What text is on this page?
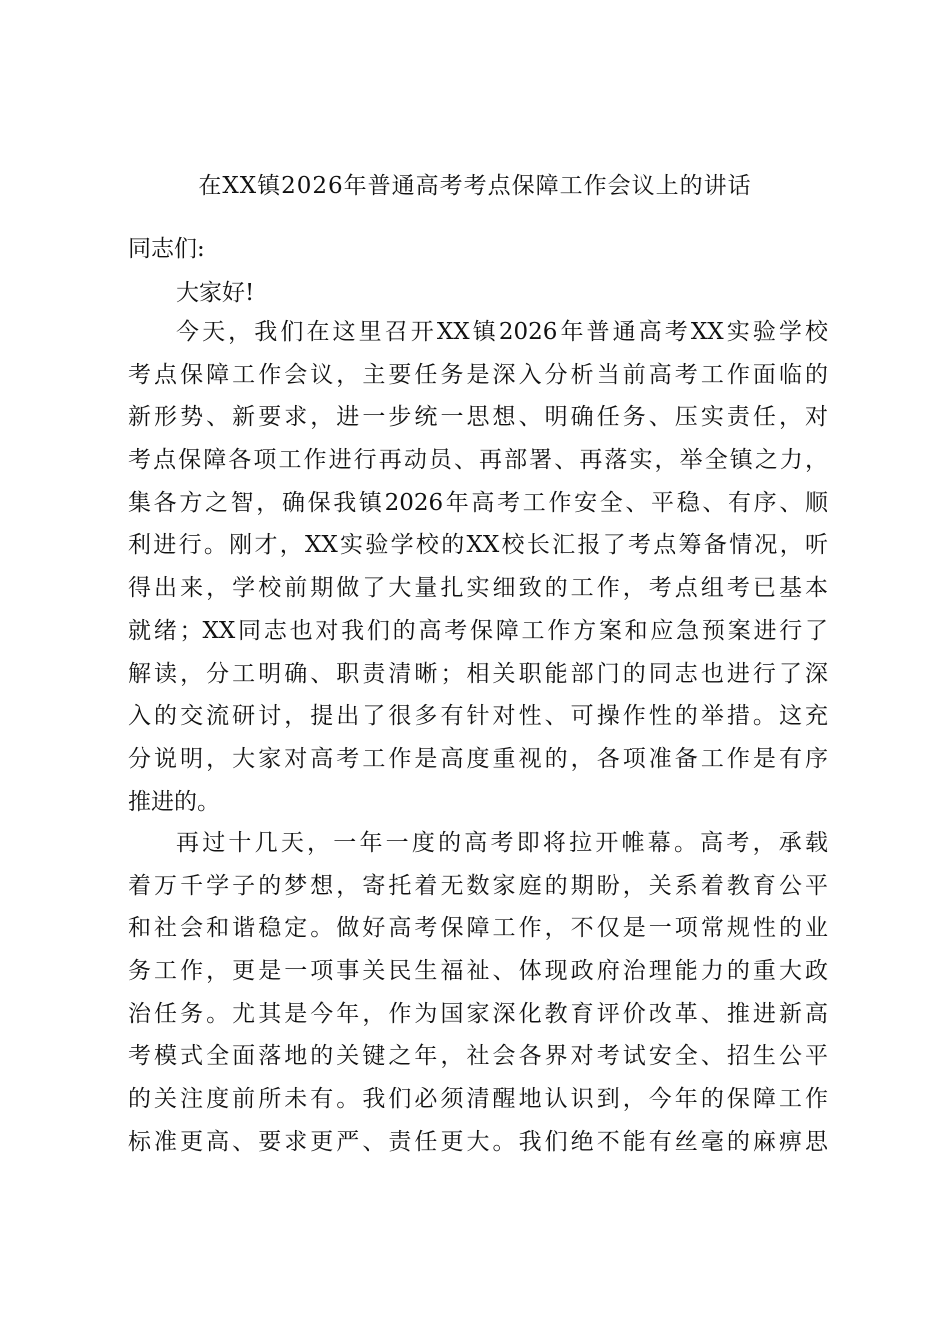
在XX镇2026年普通高考考点保障工作会议上的讲话
同志们:
大家好!
今天，我们在这里召开XX镇2026年普通高考XX实验学校
考点保障工作会议，主要任务是深入分析当前高考工作面临的
新形势、新要求，进一步统一思想、明确任务、压实责任，对
考点保障各项工作进行再动员、再部署、再落实，举全镇之力，
集各方之智，确保我镇2026年高考工作安全、平稳、有序、顺
利进行。刚才，XX实验学校的XX校长汇报了考点筹备情况，听
得出来，学校前期做了大量扎实细致的工作，考点组考已基本
就绪；XX同志也对我们的高考保障工作方案和应急预案进行了
解读，分工明确、职责清晰；相关职能部门的同志也进行了深
入的交流研讨，提出了很多有针对性、可操作性的举措。这充
分说明，大家对高考工作是高度重视的，各项准备工作是有序
推进的。
再过十几天，一年一度的高考即将拉开帷幕。高考，承载
着万千学子的梦想，寄托着无数家庭的期盼，关系着教育公平
和社会和谐稳定。做好高考保障工作，不仅是一项常规性的业
务工作，更是一项事关民生福祉、体现政府治理能力的重大政
治任务。尤其是今年，作为国家深化教育评价改革、推进新高
考模式全面落地的关键之年，社会各界对考试安全、招生公平
的关注度前所未有。我们必须清醒地认识到，今年的保障工作
标准更高、要求更严、责任更大。我们绝不能有丝毫的麻痹思
